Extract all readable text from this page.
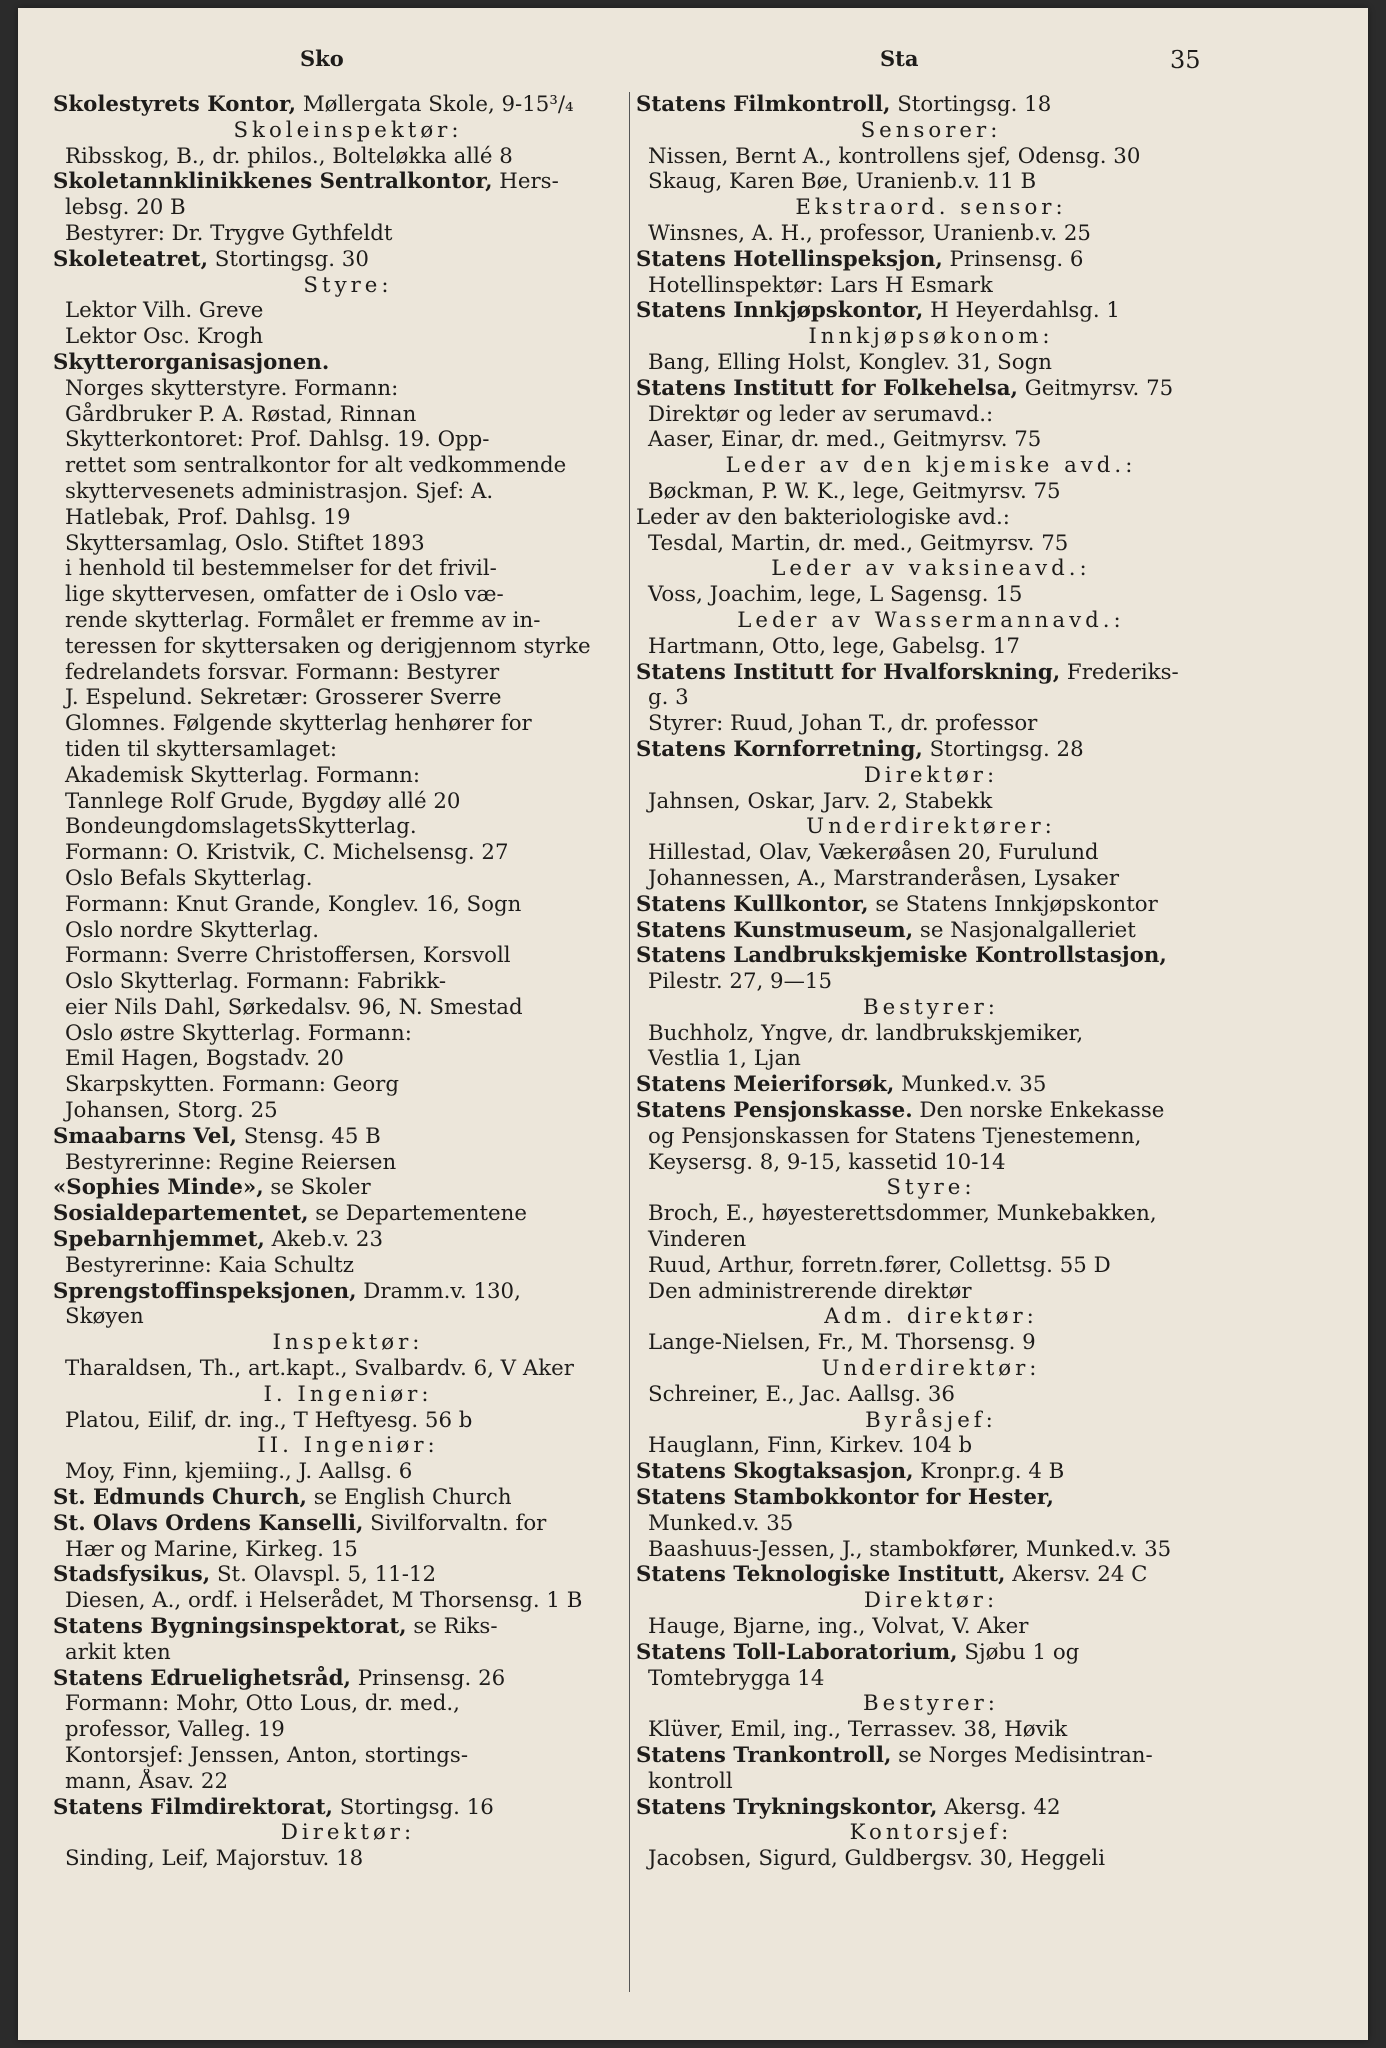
Sko	Sta	35
Skolestyrets Kontor, Møllergata Skole, 9-15³/₄
Skoleinspektør:
Ribsskog, B., dr. philos., Bolteløkka allé 8
Skoletannklinikkenes Sentralkontor, Hers-
lebsg. 20 B
Bestyrer: Dr. Trygve Gythfeldt
Skoleteatret, Stortingsg. 30
Styre:
Lektor Vilh. Greve
Lektor Osc. Krogh
Skytterorganisasjonen.
Norges skytterstyre. Formann:
Gårdbruker P. A. Røstad, Rinnan
Skytterkontoret: Prof. Dahlsg. 19. Opp-
rettet som sentralkontor for alt vedkommende
skyttervesenets administrasjon. Sjef: A.
Hatlebak, Prof. Dahlsg. 19
Skyttersamlag, Oslo. Stiftet 1893
i henhold til bestemmelser for det frivil-
lige skyttervesen, omfatter de i Oslo væ-
rende skytterlag. Formålet er fremme av in-
teressen for skyttersaken og derigjennom styrke
fedrelandets forsvar. Formann: Bestyrer
J. Espelund. Sekretær: Grosserer Sverre
Glomnes. Følgende skytterlag henhører for
tiden til skyttersamlaget:
Akademisk Skytterlag. Formann:
Tannlege Rolf Grude, Bygdøy allé 20
BondeungdomslagetsSkytterlag.
Formann: O. Kristvik, C. Michelsensg. 27
Oslo Befals Skytterlag.
Formann: Knut Grande, Konglev. 16, Sogn
Oslo nordre Skytterlag.
Formann: Sverre Christoffersen, Korsvoll
Oslo Skytterlag. Formann: Fabrikk-
eier Nils Dahl, Sørkedalsv. 96, N. Smestad
Oslo østre Skytterlag. Formann:
Emil Hagen, Bogstadv. 20
Skarpskytten. Formann: Georg
Johansen, Storg. 25
Smaabarns Vel, Stensg. 45 B
Bestyrerinne: Regine Reiersen
«Sophies Minde», se Skoler
Sosialdepartementet, se Departementene
Spebarnhjemmet, Akeb.v. 23
Bestyrerinne: Kaia Schultz
Sprengstoffinspeksjonen, Dramm.v. 130,
Skøyen
Inspektør:
Tharaldsen, Th., art.kapt., Svalbardv. 6, V Aker
I. Ingeniør:
Platou, Eilif, dr. ing., T Heftyesg. 56 b
II. Ingeniør:
Moy, Finn, kjemiing., J. Aallsg. 6
St. Edmunds Church, se English Church
St. Olavs Ordens Kanselli, Sivilforvaltn. for
Hær og Marine, Kirkeg. 15
Stadsfysikus, St. Olavspl. 5, 11-12
Diesen, A., ordf. i Helserådet, M Thorsensg. 1 B
Statens Bygningsinspektorat, se Riks-
arkit kten
Statens Edruelighetsråd, Prinsensg. 26
Formann: Mohr, Otto Lous, dr. med.,
professor, Valleg. 19
Kontorsjef: Jenssen, Anton, stortings-
mann, Åsav. 22
Statens Filmdirektorat, Stortingsg. 16
Direktør:
Sinding, Leif, Majorstuv. 18
Statens Filmkontroll, Stortingsg. 18
Sensorer:
Nissen, Bernt A., kontrollens sjef, Odensg. 30
Skaug, Karen Bøe, Uranienb.v. 11 B
Ekstraord. sensor:
Winsnes, A. H., professor, Uranienb.v. 25
Statens Hotellinspeksjon, Prinsensg. 6
Hotellinspektør: Lars H Esmark
Statens Innkjøpskontor, H Heyerdahlsg. 1
Innkjøpsøkonom:
Bang, Elling Holst, Konglev. 31, Sogn
Statens Institutt for Folkehelsa, Geitmyrsv. 75
Direktør og leder av serumavd.:
Aaser, Einar, dr. med., Geitmyrsv. 75
Leder av den kjemiske avd.:
Bøckman, P. W. K., lege, Geitmyrsv. 75
Leder av den bakteriologiske avd.:
Tesdal, Martin, dr. med., Geitmyrsv. 75
Leder av vaksineavd.:
Voss, Joachim, lege, L Sagensg. 15
Leder av Wassermannavd.:
Hartmann, Otto, lege, Gabelsg. 17
Statens Institutt for Hvalforskning, Frederiks-
g. 3
Styrer: Ruud, Johan T., dr. professor
Statens Kornforretning, Stortingsg. 28
Direktør:
Jahnsen, Oskar, Jarv. 2, Stabekk
Underdirektører:
Hillestad, Olav, Vækerøåsen 20, Furulund
Johannessen, A., Marstranderåsen, Lysaker
Statens Kullkontor, se Statens Innkjøpskontor
Statens Kunstmuseum, se Nasjonalgalleriet
Statens Landbrukskjemiske Kontrollstasjon,
Pilestr. 27, 9—15
Bestyrer:
Buchholz, Yngve, dr. landbrukskjemiker,
Vestlia 1, Ljan
Statens Meieriforsøk, Munked.v. 35
Statens Pensjonskasse. Den norske Enkekasse
og Pensjonskassen for Statens Tjenestemenn,
Keysersg. 8, 9-15, kassetid 10-14
Styre:
Broch, E., høyesterettsdommer, Munkebakken,
Vinderen
Ruud, Arthur, forretn.fører, Collettsg. 55 D
Den administrerende direktør
Adm. direktør:
Lange-Nielsen, Fr., M. Thorsensg. 9
Underdirektør:
Schreiner, E., Jac. Aallsg. 36
Byråsjef:
Hauglann, Finn, Kirkev. 104 b
Statens Skogtaksasjon, Kronpr.g. 4 B
Statens Stambokkontor for Hester,
Munked.v. 35
Baashuus-Jessen, J., stambokfører, Munked.v. 35
Statens Teknologiske Institutt, Akersv. 24 C
Direktør:
Hauge, Bjarne, ing., Volvat, V. Aker
Statens Toll-Laboratorium, Sjøbu 1 og
Tomtebrygga 14
Bestyrer:
Klüver, Emil, ing., Terrassev. 38, Høvik
Statens Trankontroll, se Norges Medisintran-
kontroll
Statens Trykningskontor, Akersg. 42
Kontorsjef:
Jacobsen, Sigurd, Guldbergsv. 30, Heggeli
